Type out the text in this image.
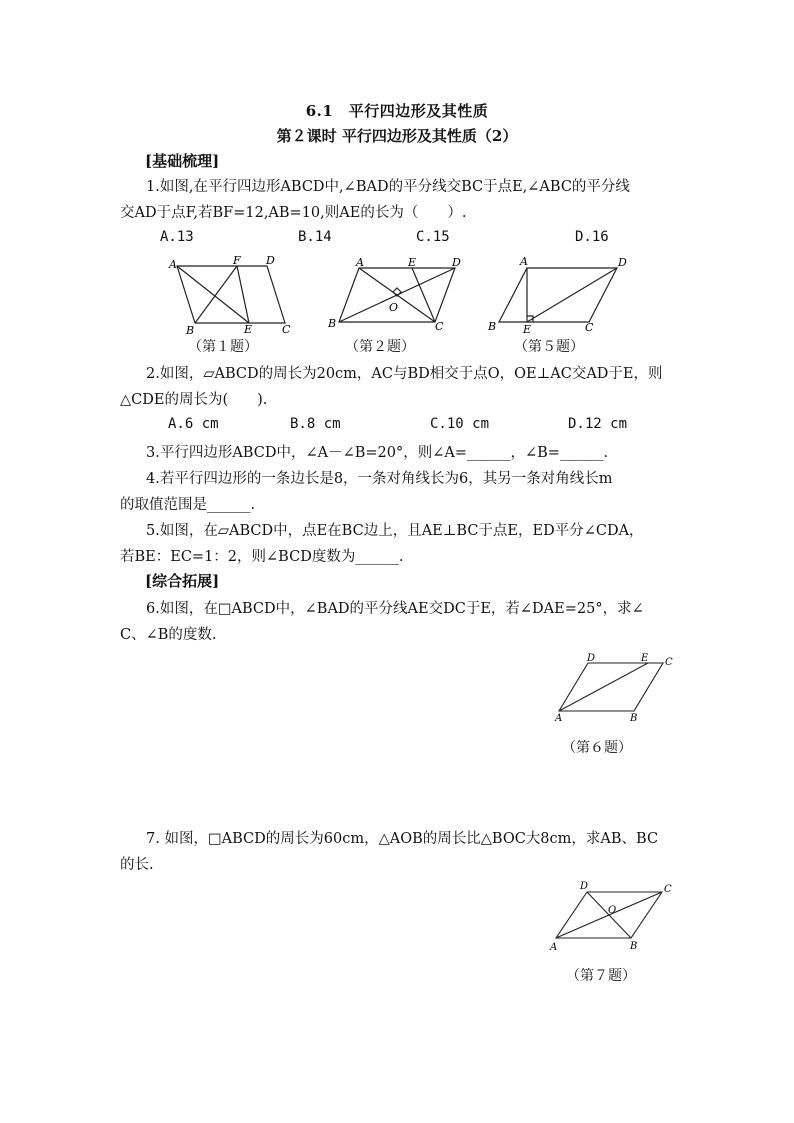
6.1　平行四边形及其性质
第２课时 平行四边形及其性质（2）
[基础梳理]
1.如图,在平行四边形ABCD中,∠BAD的平分线交BC于点E,∠ABC的平分线
交AD于点F,若BF=12,AB=10,则AE的长为（　　）.
A.13	B.14	C.15	D.16
A	F D
B	E	C
（第１题）
A	E	D
O
B	C
（第２题）
A	D
B E	C
（第５题）
2.如图，▱ABCD的周长为20cm，AC与BD相交于点O，OE⊥AC交AD于E，则
△CDE的周长为(　　).
A.6 cm	B.8 cm	C.10 cm	D.12 cm
3.平行四边形ABCD中，∠A－∠B=20°，则∠A=______，∠B=______.
4.若平行四边形的一条边长是8，一条对角线长为6，其另一条对角线长m
的取值范围是______.
5.如图，在▱ABCD中，点E在BC边上，且AE⊥BC于点E，ED平分∠CDA，
若BE：EC=1：2，则∠BCD度数为______.
[综合拓展]
6.如图，在□ABCD中，∠BAD的平分线AE交DC于E，若∠DAE=25°，求∠
C、∠B的度数.
D	E C
A	B
（第６题）
7. 如图，□ABCD的周长为60cm，△AOB的周长比△BOC大8cm，求AB、BC
的长.
D	C
O
A	B
（第７题）
